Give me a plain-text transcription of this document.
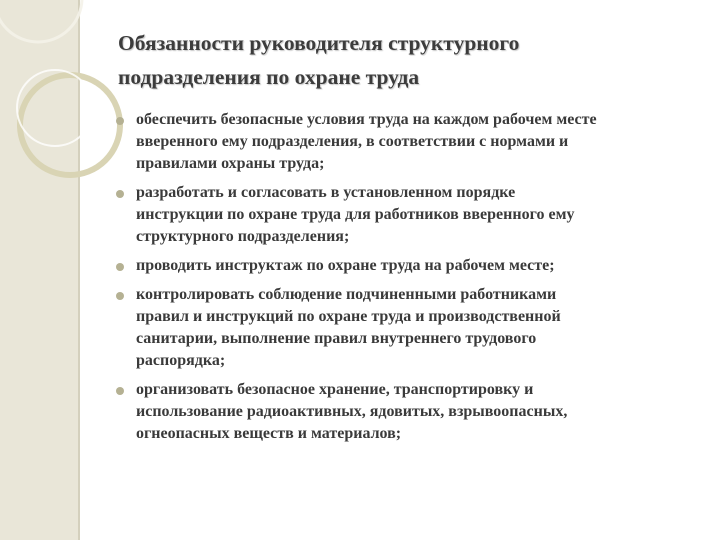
Обязанности руководителя структурного
подразделения по охране труда
обеспечить безопасные условия труда на каждом рабочем месте
вверенного ему подразделения, в соответствии с нормами и
правилами охраны труда;
разработать и согласовать в установленном порядке
инструкции по охране труда для работников вверенного ему
структурного подразделения;
проводить инструктаж по охране труда на рабочем месте;
контролировать соблюдение подчиненными работниками
правил и инструкций по охране труда и производственной
санитарии, выполнение правил внутреннего трудового
распорядка;
организовать безопасное хранение, транспортировку и
использование радиоактивных, ядовитых, взрывоопасных,
огнеопасных веществ и материалов;
